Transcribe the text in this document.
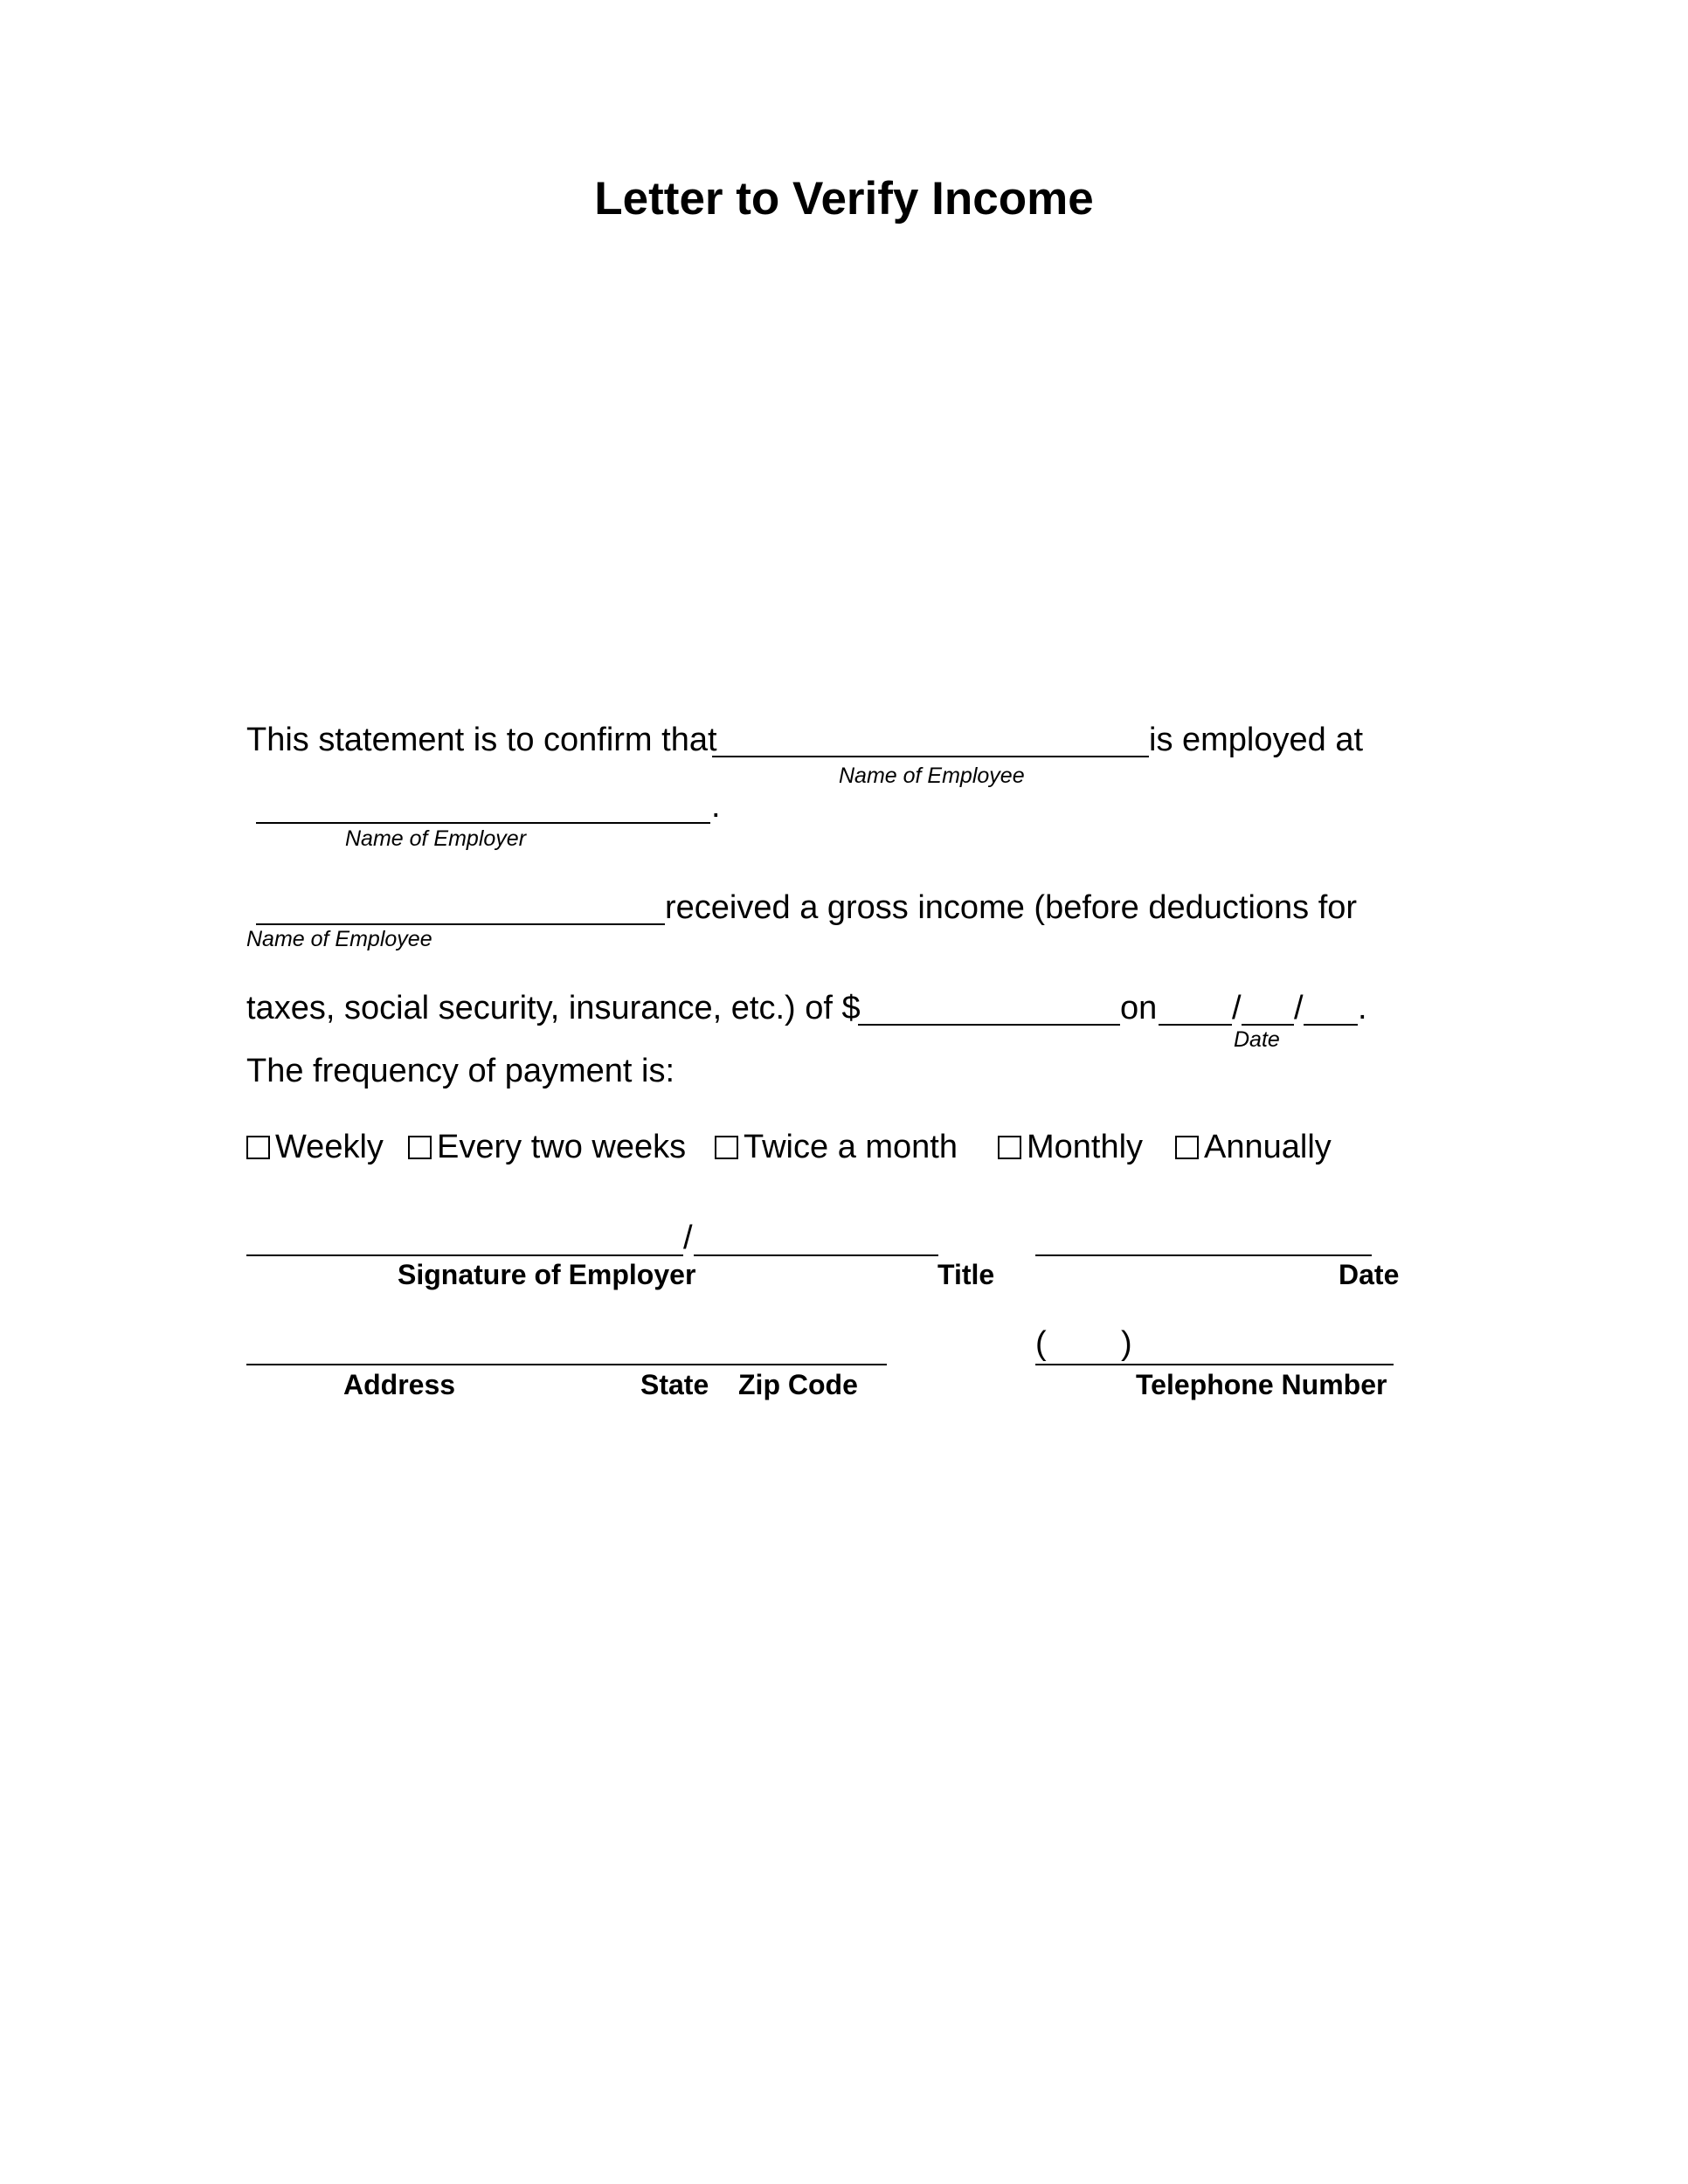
Letter to Verify Income
This statement is to confirm that	is employed at
Name of Employee
.
Name of Employer
received a gross income (before deductions for
Name of Employee
taxes, social security, insurance, etc.) of $	on / / .
Date
The frequency of payment is:
Weekly Every two weeks Twice a month Monthly Annually
/
Signature of Employer	Title	Date
Address	State Zip Code
( )
Telephone Number
